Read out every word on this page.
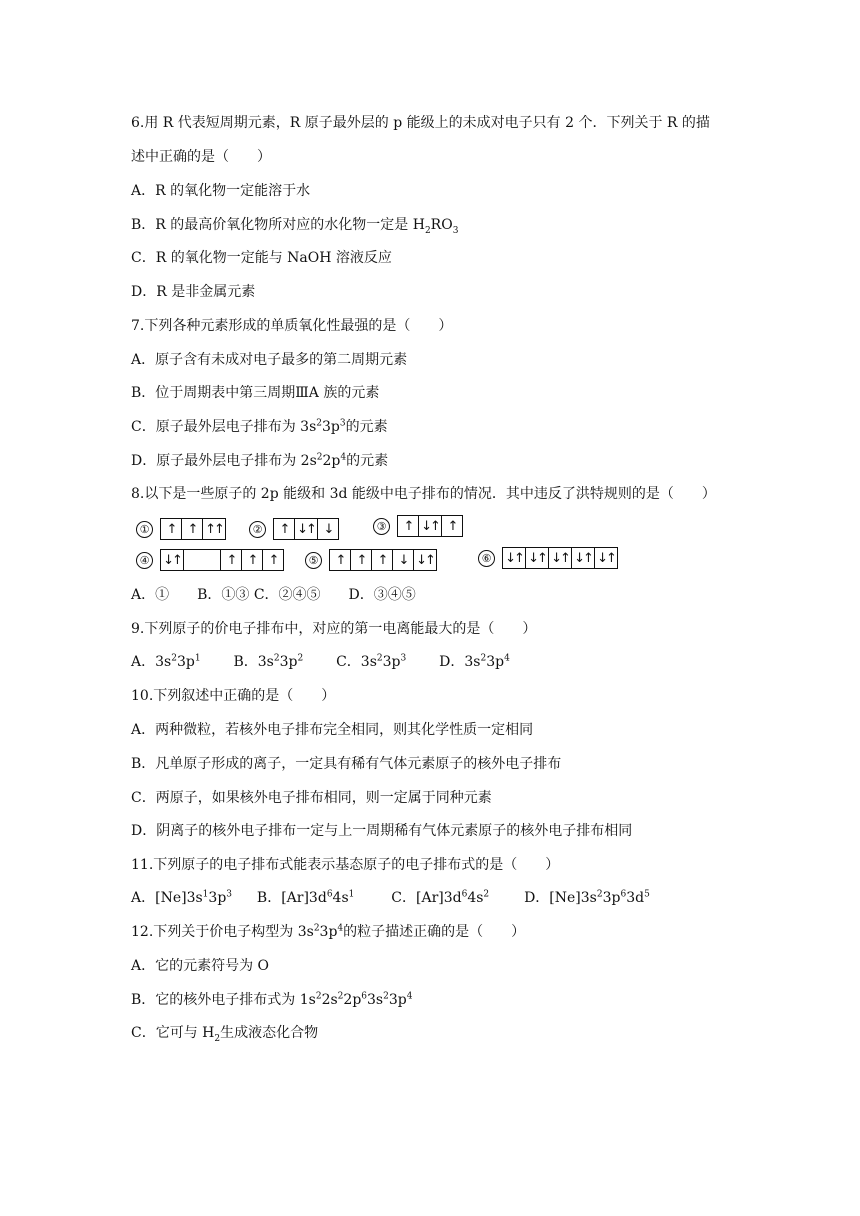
6.用 R 代表短周期元素，R 原子最外层的 p 能级上的未成对电子只有 2 个．下列关于 R 的描
述中正确的是（　　）
A．R 的氧化物一定能溶于水
B．R 的最高价氧化物所对应的水化物一定是 $H_2RO_3$
C．R 的氧化物一定能与 NaOH 溶液反应
D．R 是非金属元素
7.下列各种元素形成的单质氧化性最强的是（　　）
A．原子含有未成对电子最多的第二周期元素
B．位于周期表中第三周期ⅢA 族的元素
C．原子最外层电子排布为 $3s^23p^3$的元素
D．原子最外层电子排布为 $2s^22p^4$的元素
8.以下是一些原子的 2p 能级和 3d 能级中电子排布的情况．其中违反了洪特规则的是（　　）
①	↑ ↑ ↑↑	②	↑ ↓↑ ↓	③	↑ ↓↑ ↑
④ ↓↑	↑ ↑ ↑	⑤	↑ ↑ ↑ ↓ ↓↑	⑥ ↓↑ ↓↑ ↓↑ ↓↑ ↓↑
A．①　　B．①③ C．②④⑤　　D．③④⑤
9.下列原子的价电子排布中，对应的第一电离能最大的是（　　）
A．$3s^23p^1$ B．$3s^23p^2$ C．$3s^23p^3$ D．$3s^23p^4$
10.下列叙述中正确的是（　　）
A．两种微粒，若核外电子排布完全相同，则其化学性质一定相同
B．凡单原子形成的离子，一定具有稀有气体元素原子的核外电子排布
C．两原子，如果核外电子排布相同，则一定属于同种元素
D．阴离子的核外电子排布一定与上一周期稀有气体元素原子的核外电子排布相同
11.下列原子的电子排布式能表示基态原子的电子排布式的是（　　）
A．$[Ne]3s^13p^3$ B．$[Ar]3d^64s^1$	C．$[Ar]3d^64s^2$ D．$[Ne]3s^23p^63d^5$
12.下列关于价电子构型为 $3s^23p^4$的粒子描述正确的是（　　）
A．它的元素符号为 O
B．它的核外电子排布式为 $1s^22s^22p^63s^23p^4$
C．它可与 $H_2$生成液态化合物
